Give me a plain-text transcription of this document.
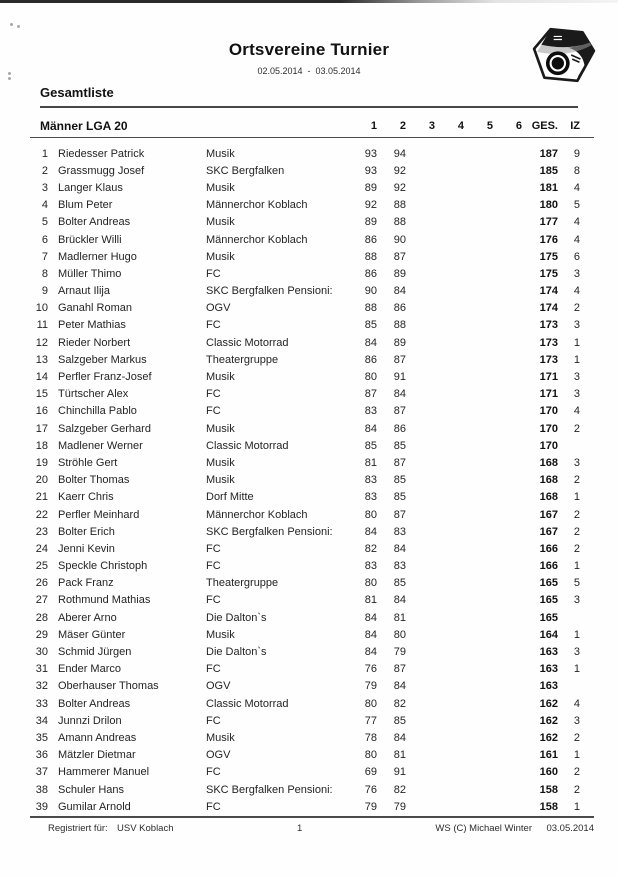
Ortsvereine Turnier
02.05.2014  -  03.05.2014
Gesamtliste
Männer LGA 20	1	2	3	4	5	6 GES.	IZ
1 Riedesser Patrick	Musik	93	94	187	9
2 Grassmugg Josef	SKC Bergfalken	93	92	185	8
3 Langer Klaus	Musik	89	92	181	4
4 Blum Peter	Männerchor Koblach	92	88	180	5
5 Bolter Andreas	Musik	89	88	177	4
6 Brückler Willi	Männerchor Koblach	86	90	176	4
7 Madlerner Hugo	Musik	88	87	175	6
8 Müller Thimo	FC	86	89	175	3
9 Arnaut Ilija	SKC Bergfalken Pensioni:	90	84	174	4
10 Ganahl Roman	OGV	88	86	174	2
11 Peter Mathias	FC	85	88	173	3
12 Rieder Norbert	Classic Motorrad	84	89	173	1
13 Salzgeber Markus	Theatergruppe	86	87	173	1
14 Perfler Franz-Josef	Musik	80	91	171	3
15 Türtscher Alex	FC	87	84	171	3
16 Chinchilla Pablo	FC	83	87	170	4
17 Salzgeber Gerhard	Musik	84	86	170	2
18 Madlener Werner	Classic Motorrad	85	85	170
19 Ströhle Gert	Musik	81	87	168	3
20 Bolter Thomas	Musik	83	85	168	2
21 Kaerr Chris	Dorf Mitte	83	85	168	1
22 Perfler Meinhard	Männerchor Koblach	80	87	167	2
23 Bolter Erich	SKC Bergfalken Pensioni:	84	83	167	2
24 Jenni Kevin	FC	82	84	166	2
25 Speckle Christoph	FC	83	83	166	1
26 Pack Franz	Theatergruppe	80	85	165	5
27 Rothmund Mathias	FC	81	84	165	3
28 Aberer Arno	Die Dalton`s	84	81	165
29 Mäser Günter	Musik	84	80	164	1
30 Schmid Jürgen	Die Dalton`s	84	79	163	3
31 Ender Marco	FC	76	87	163	1
32 Oberhauser Thomas	OGV	79	84	163
33 Bolter Andreas	Classic Motorrad	80	82	162	4
34 Junnzi Drilon	FC	77	85	162	3
35 Amann Andreas	Musik	78	84	162	2
36 Mätzler Dietmar	OGV	80	81	161	1
37 Hammerer Manuel	FC	69	91	160	2
38 Schuler Hans	SKC Bergfalken Pensioni:	76	82	158	2
39 Gumilar Arnold	FC	79	79	158	1
Registriert für: USV Koblach	1	WS (C) Michael Winter 03.05.2014
